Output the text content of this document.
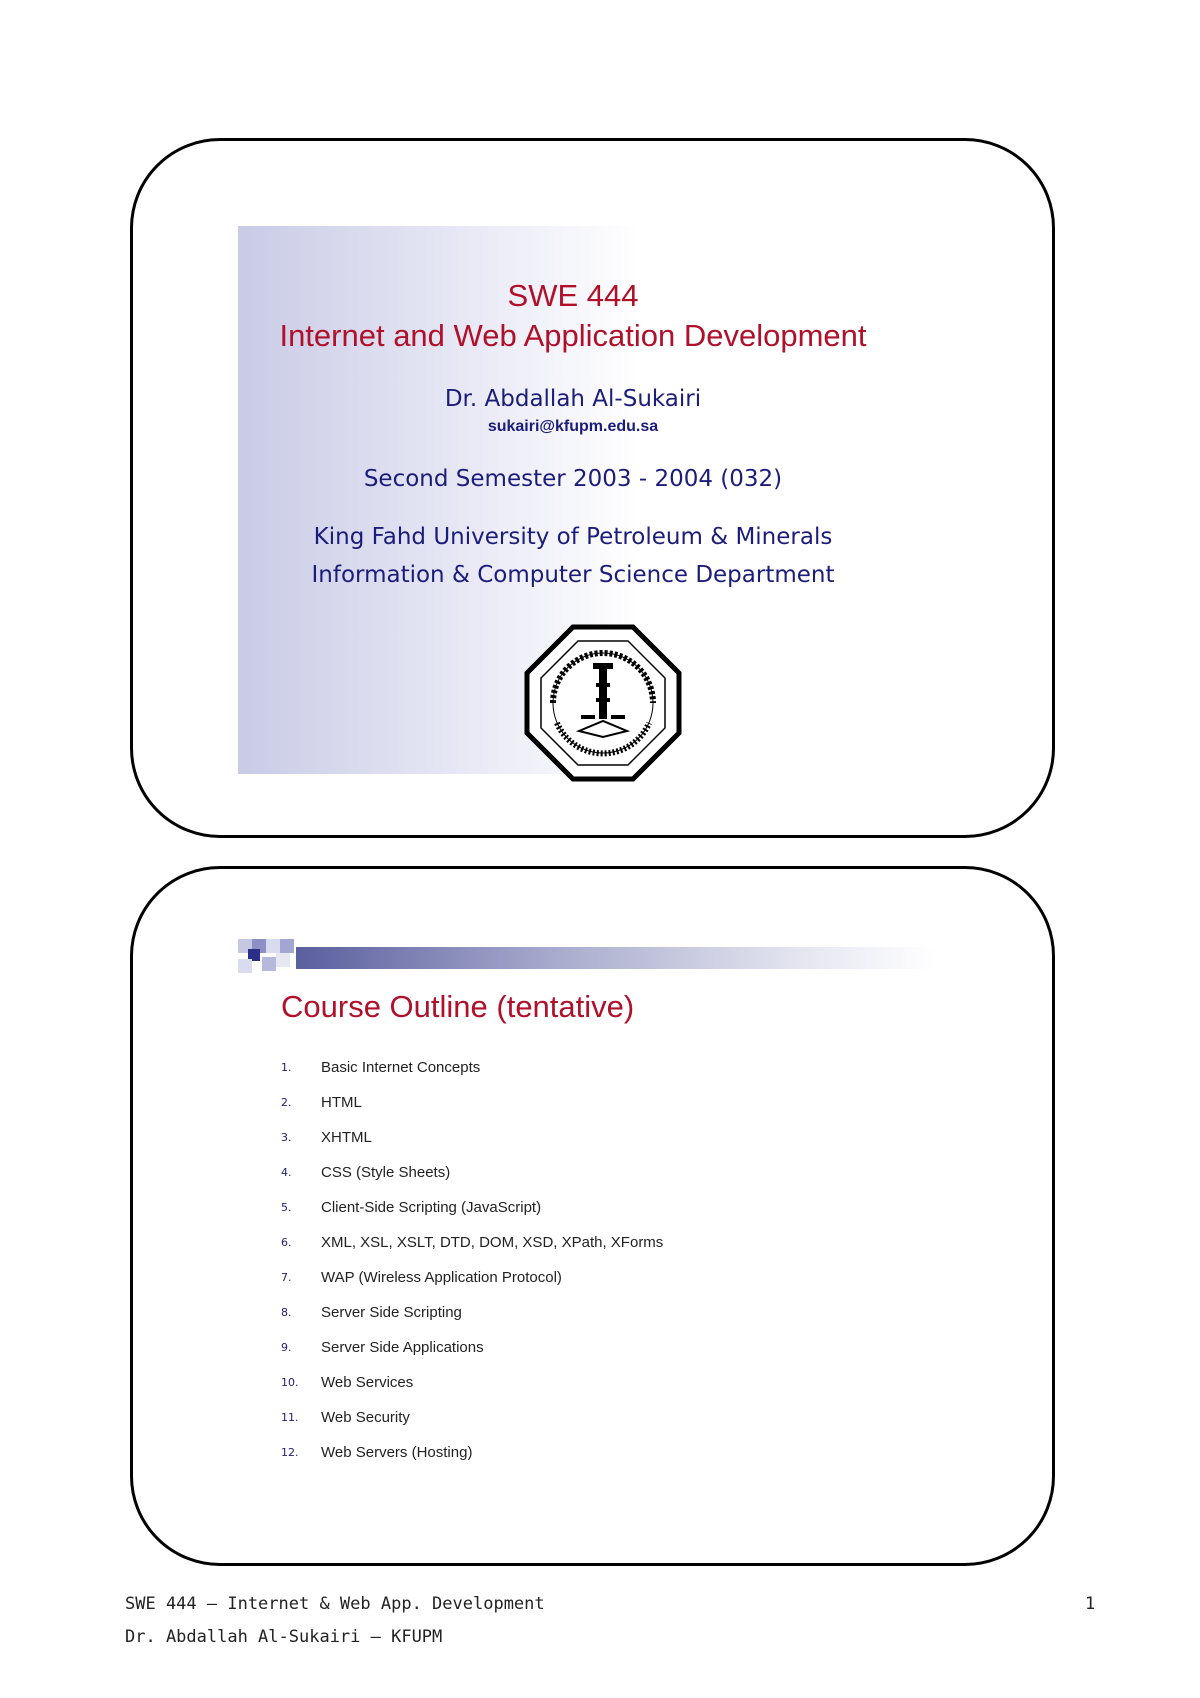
SWE 444
Internet and Web Application Development
Dr. Abdallah Al-Sukairi
sukairi@kfupm.edu.sa
Second Semester 2003 - 2004 (032)
King Fahd University of Petroleum & Minerals
Information & Computer Science Department
Course Outline (tentative)
1.	Basic Internet Concepts
2.	HTML
3.	XHTML
4.	CSS (Style Sheets)
5.	Client-Side Scripting (JavaScript)
6.	XML, XSL, XSLT, DTD, DOM, XSD, XPath, XForms
7.	WAP (Wireless Application Protocol)
8.	Server Side Scripting
9.	Server Side Applications
10.	Web Services
11.	Web Security
12.	Web Servers (Hosting)
SWE 444 – Internet & Web App. Development
Dr. Abdallah Al-Sukairi – KFUPM
1
